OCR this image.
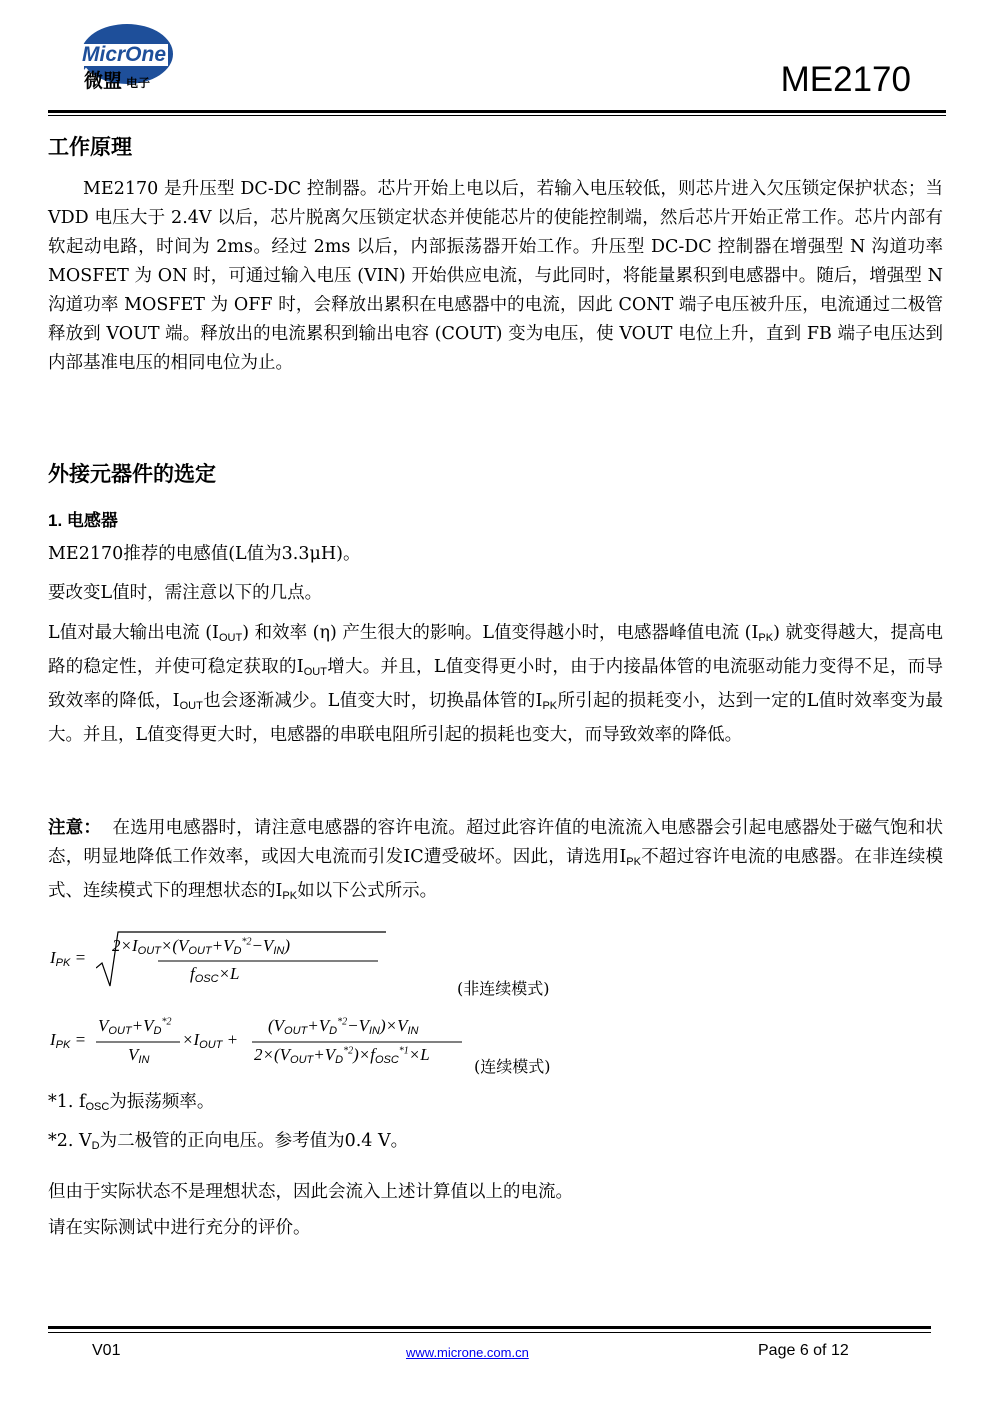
MicrOne
微盟 电子	ME2170
工作原理
ME2170 是升压型 DC-DC 控制器。芯片开始上电以后，若输入电压较低，则芯片进入欠压锁定保护状态；当 VDD 电压大于 2.4V 以后，芯片脱离欠压锁定状态并使能芯片的使能控制端，然后芯片开始正常工作。芯片内部有软起动电路，时间为 2ms。经过 2ms 以后，内部振荡器开始工作。升压型 DC-DC 控制器在增强型 N 沟道功率 MOSFET 为 ON 时，可通过输入电压 (VIN) 开始供应电流，与此同时，将能量累积到电感器中。随后，增强型 N 沟道功率 MOSFET 为 OFF 时，会释放出累积在电感器中的电流，因此 CONT 端子电压被升压，电流通过二极管释放到 VOUT 端。释放出的电流累积到输出电容 (COUT) 变为电压，使 VOUT 电位上升，直到 FB 端子电压达到内部基准电压的相同电位为止。
外接元器件的选定
1. 电感器
ME2170推荐的电感值(L值为3.3μH)。
要改变L值时，需注意以下的几点。
L值对最大输出电流 $(I_{OUT})$ 和效率 (η) 产生很大的影响。L值变得越小时，电感器峰值电流 $(I_{PK})$ 就变得越大，提高电路的稳定性，并使可稳定获取的$I_{OUT}$增大。并且，L值变得更小时，由于内接晶体管的电流驱动能力变得不足，而导致效率的降低，$I_{OUT}$也会逐渐减少。L值变大时，切换晶体管的$I_{PK}$所引起的损耗变小，达到一定的L值时效率变为最大。并且，L值变得更大时，电感器的串联电阻所引起的损耗也变大，而导致效率的降低。
注意： 在选用电感器时，请注意电感器的容许电流。超过此容许值的电流流入电感器会引起电感器处于磁气饱和状态，明显地降低工作效率，或因大电流而引发IC遭受破坏。因此，请选用$I_{PK}$不超过容许电流的电感器。在非连续模式、连续模式下的理想状态的$I_{PK}$如以下公式所示。
$I_{PK}$ =
$2\times I_{OUT}\times(V_{OUT}+V_D^{*2}-V_{IN})$
$f_{OSC}\times L$
(非连续模式)
$I_{PK}$ =
$V_{OUT}+V_D^{*2}$
$V_{IN}$
$\times I_{OUT}$ +
$(V_{OUT}+V_D^{*2}-V_{IN})\times V_{IN}$
$2\times(V_{OUT}+V_D^{*2})\times f_{OSC}^{*1}\times L$
(连续模式)
*1. $f_{OSC}$为振荡频率。
*2. $V_D$为二极管的正向电压。参考值为0.4 V。
但由于实际状态不是理想状态，因此会流入上述计算值以上的电流。
请在实际测试中进行充分的评价。
V01	www.microne.com.cn	Page 6 of 12
